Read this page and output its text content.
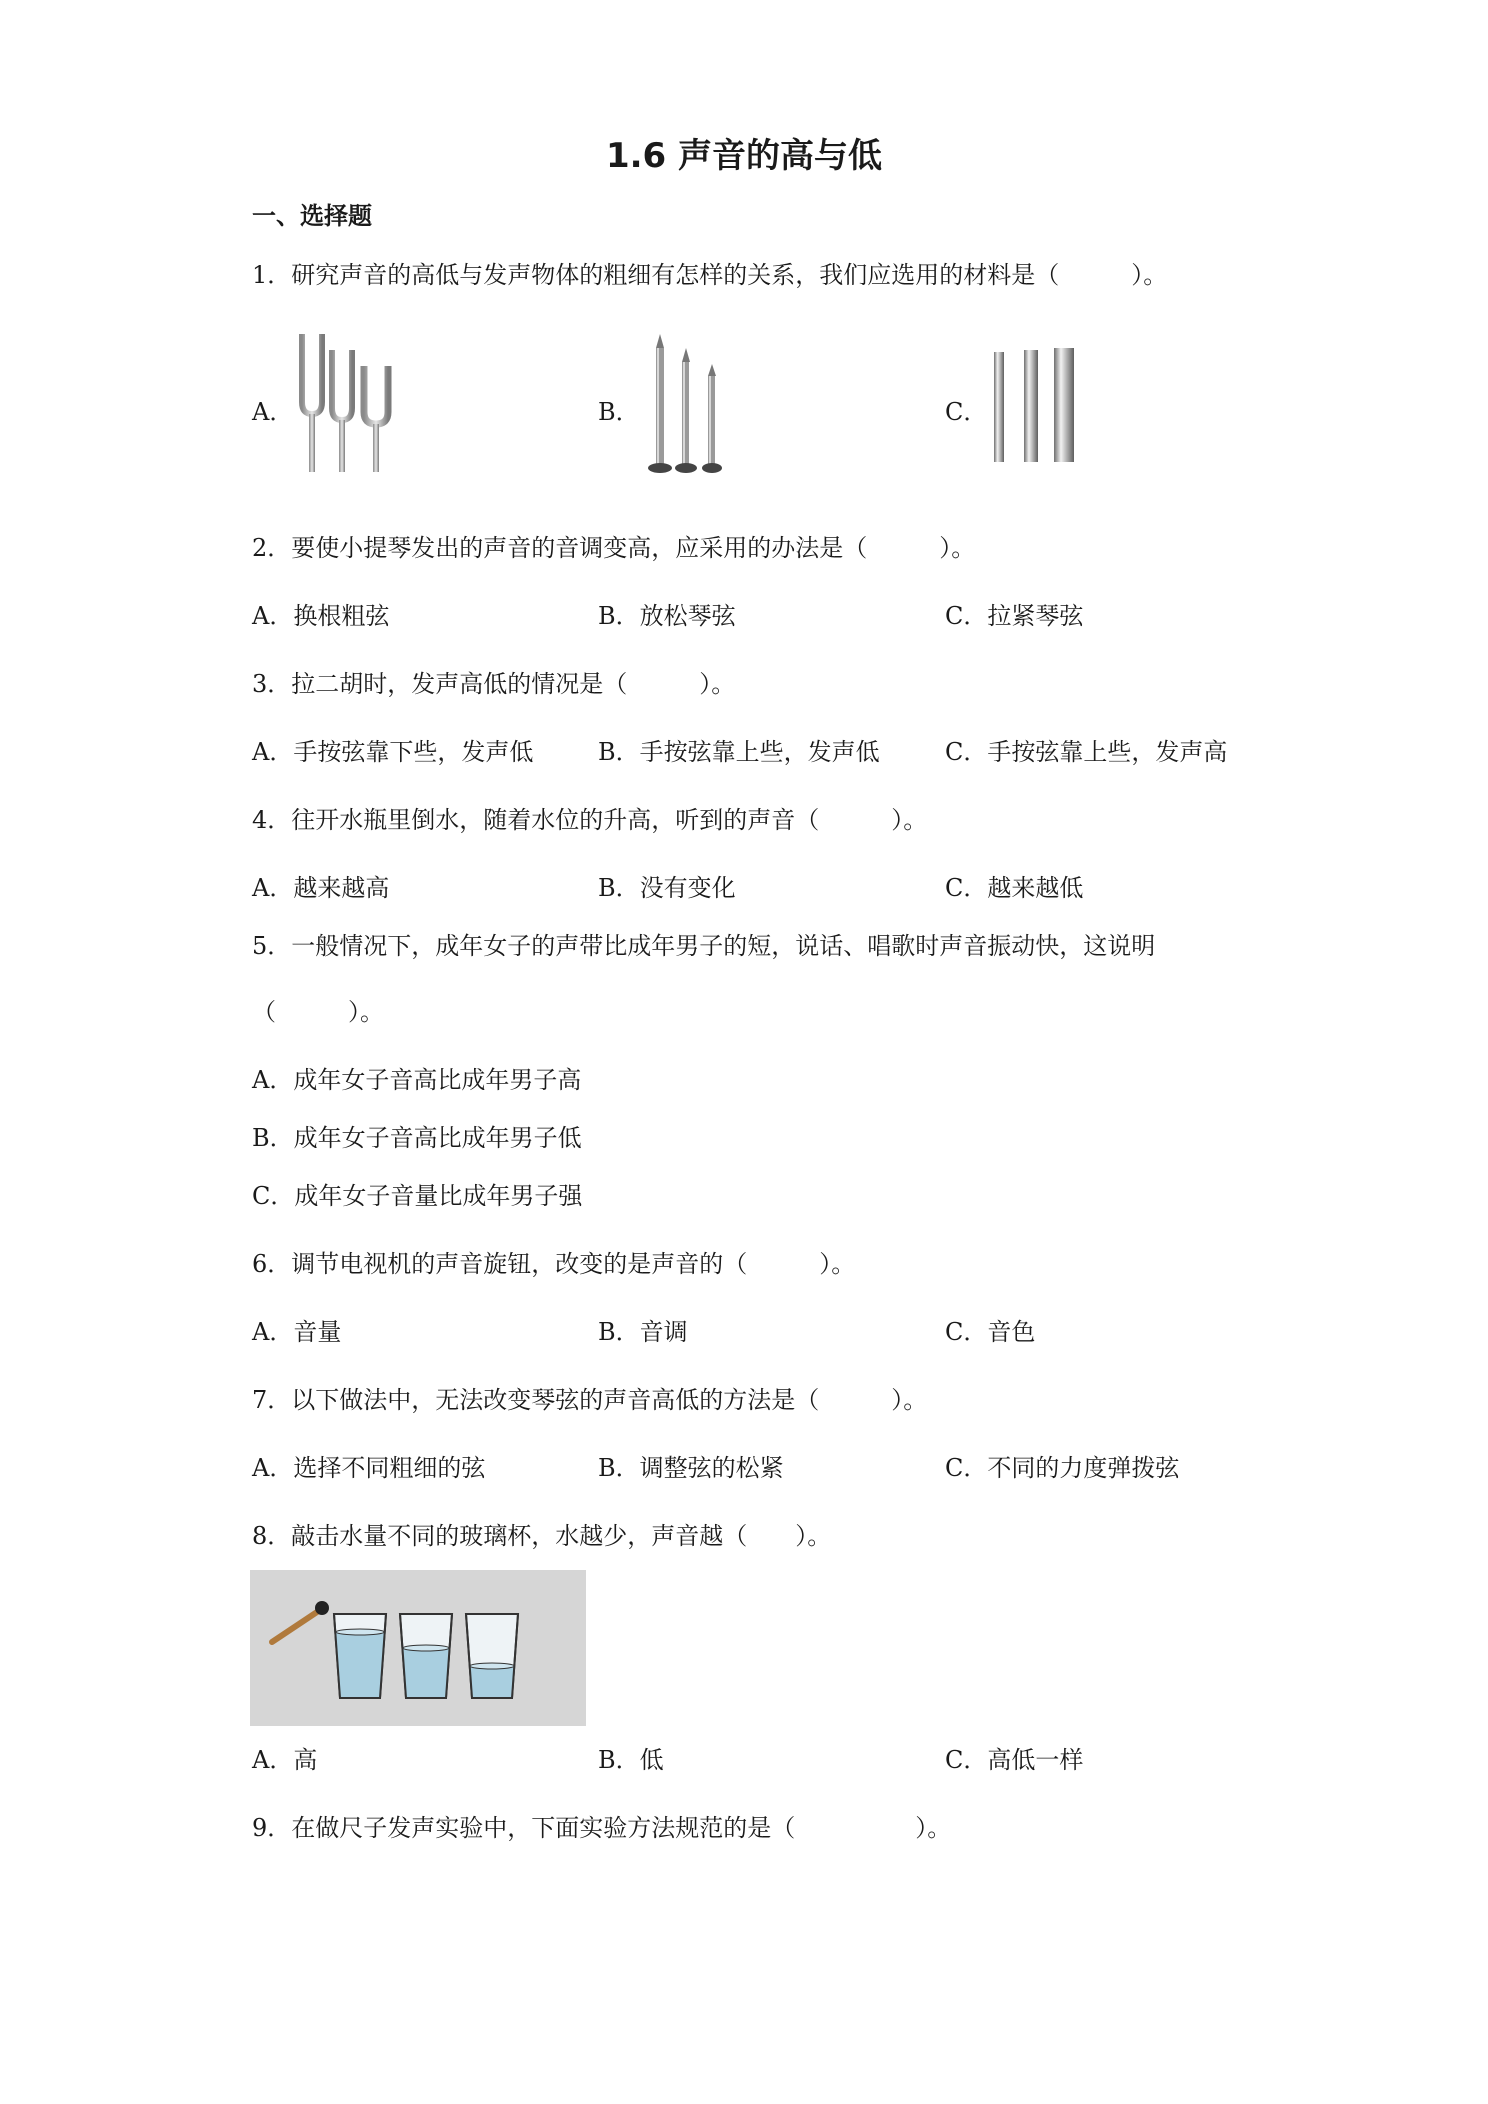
1.6 声音的高与低
一、选择题
1．研究声音的高低与发声物体的粗细有怎样的关系，我们应选用的材料是（　　　）。
A．	B．	C．
2．要使小提琴发出的声音的音调变高，应采用的办法是（　　　）。
A．换根粗弦	B．放松琴弦	C．拉紧琴弦
3．拉二胡时，发声高低的情况是（　　　）。
A．手按弦靠下些，发声低	B．手按弦靠上些，发声低	C．手按弦靠上些，发声高
4．往开水瓶里倒水，随着水位的升高，听到的声音（　　　）。
A．越来越高	B．没有变化	C．越来越低
5．一般情况下，成年女子的声带比成年男子的短，说话、唱歌时声音振动快，这说明
（　　　）。
A．成年女子音高比成年男子高
B．成年女子音高比成年男子低
C．成年女子音量比成年男子强
6．调节电视机的声音旋钮，改变的是声音的（　　　）。
A．音量	B．音调	C．音色
7．以下做法中，无法改变琴弦的声音高低的方法是（　　　）。
A．选择不同粗细的弦	B．调整弦的松紧	C．不同的力度弹拨弦
8．敲击水量不同的玻璃杯，水越少，声音越（　　）。
A．高	B．低	C．高低一样
9．在做尺子发声实验中，下面实验方法规范的是（　　　　　）。
